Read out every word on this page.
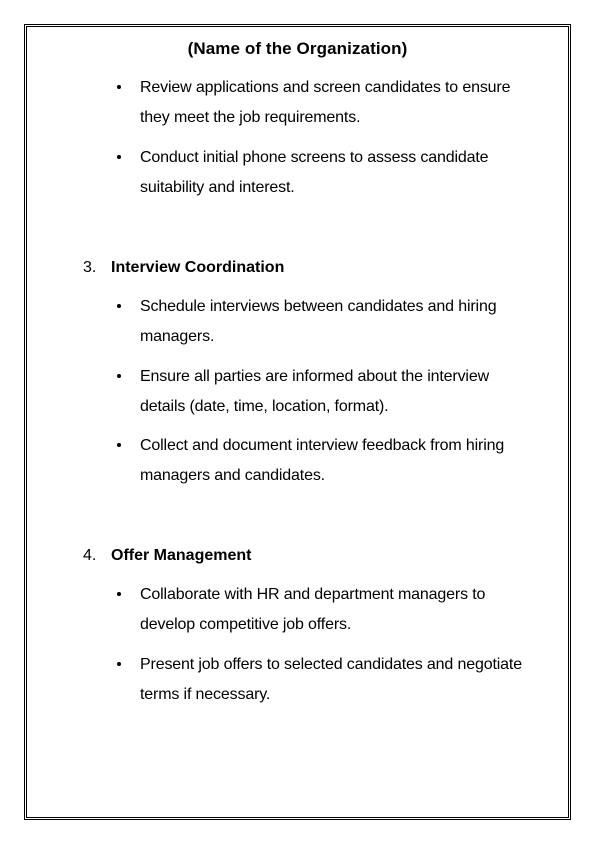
(Name of the Organization)
Review applications and screen candidates to ensure they meet the job requirements.
Conduct initial phone screens to assess candidate suitability and interest.
3. Interview Coordination
Schedule interviews between candidates and hiring managers.
Ensure all parties are informed about the interview details (date, time, location, format).
Collect and document interview feedback from hiring managers and candidates.
4. Offer Management
Collaborate with HR and department managers to develop competitive job offers.
Present job offers to selected candidates and negotiate terms if necessary.
